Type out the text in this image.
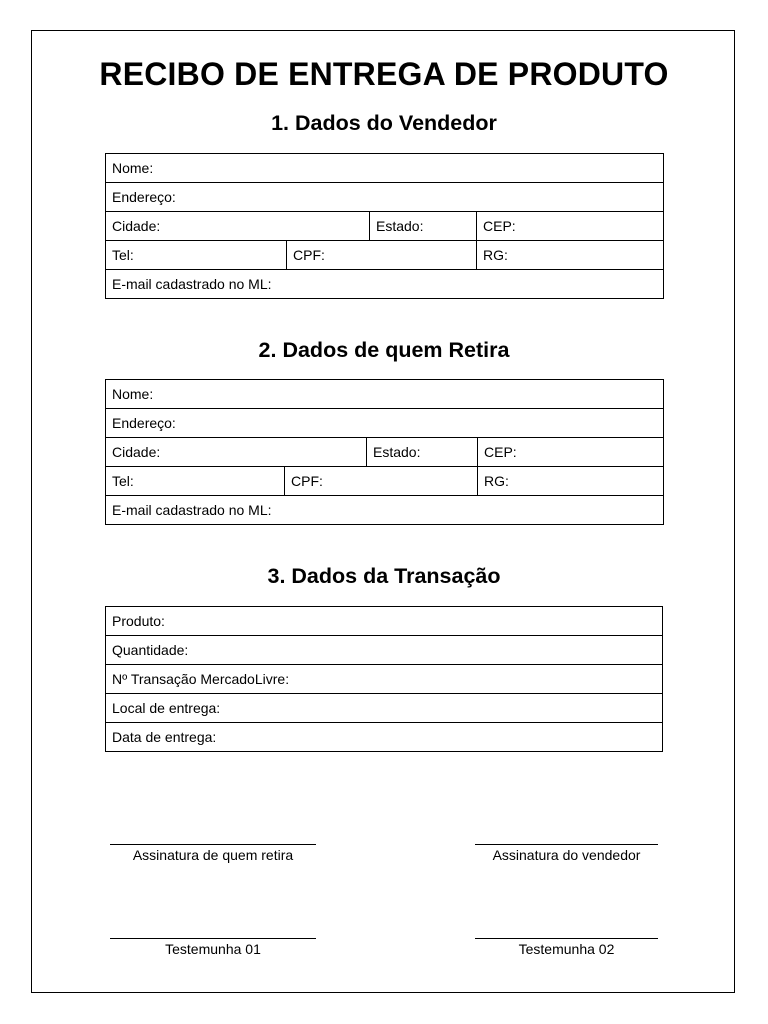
RECIBO DE ENTREGA DE PRODUTO
1. Dados do Vendedor
Nome:			
Endereço:			
Cidade:		Estado:	CEP:
Tel:	CPF:		RG:
E-mail cadastrado no ML:			
2. Dados de quem Retira
Nome:			
Endereço:			
Cidade:		Estado:	CEP:
Tel:	CPF:		RG:
E-mail cadastrado no ML:			
3. Dados da Transação
Produto:
Quantidade:
Nº Transação MercadoLivre:
Local de entrega:
Data de entrega:
Assinatura de quem retira	Assinatura do vendedor
Testemunha 01	Testemunha 02
